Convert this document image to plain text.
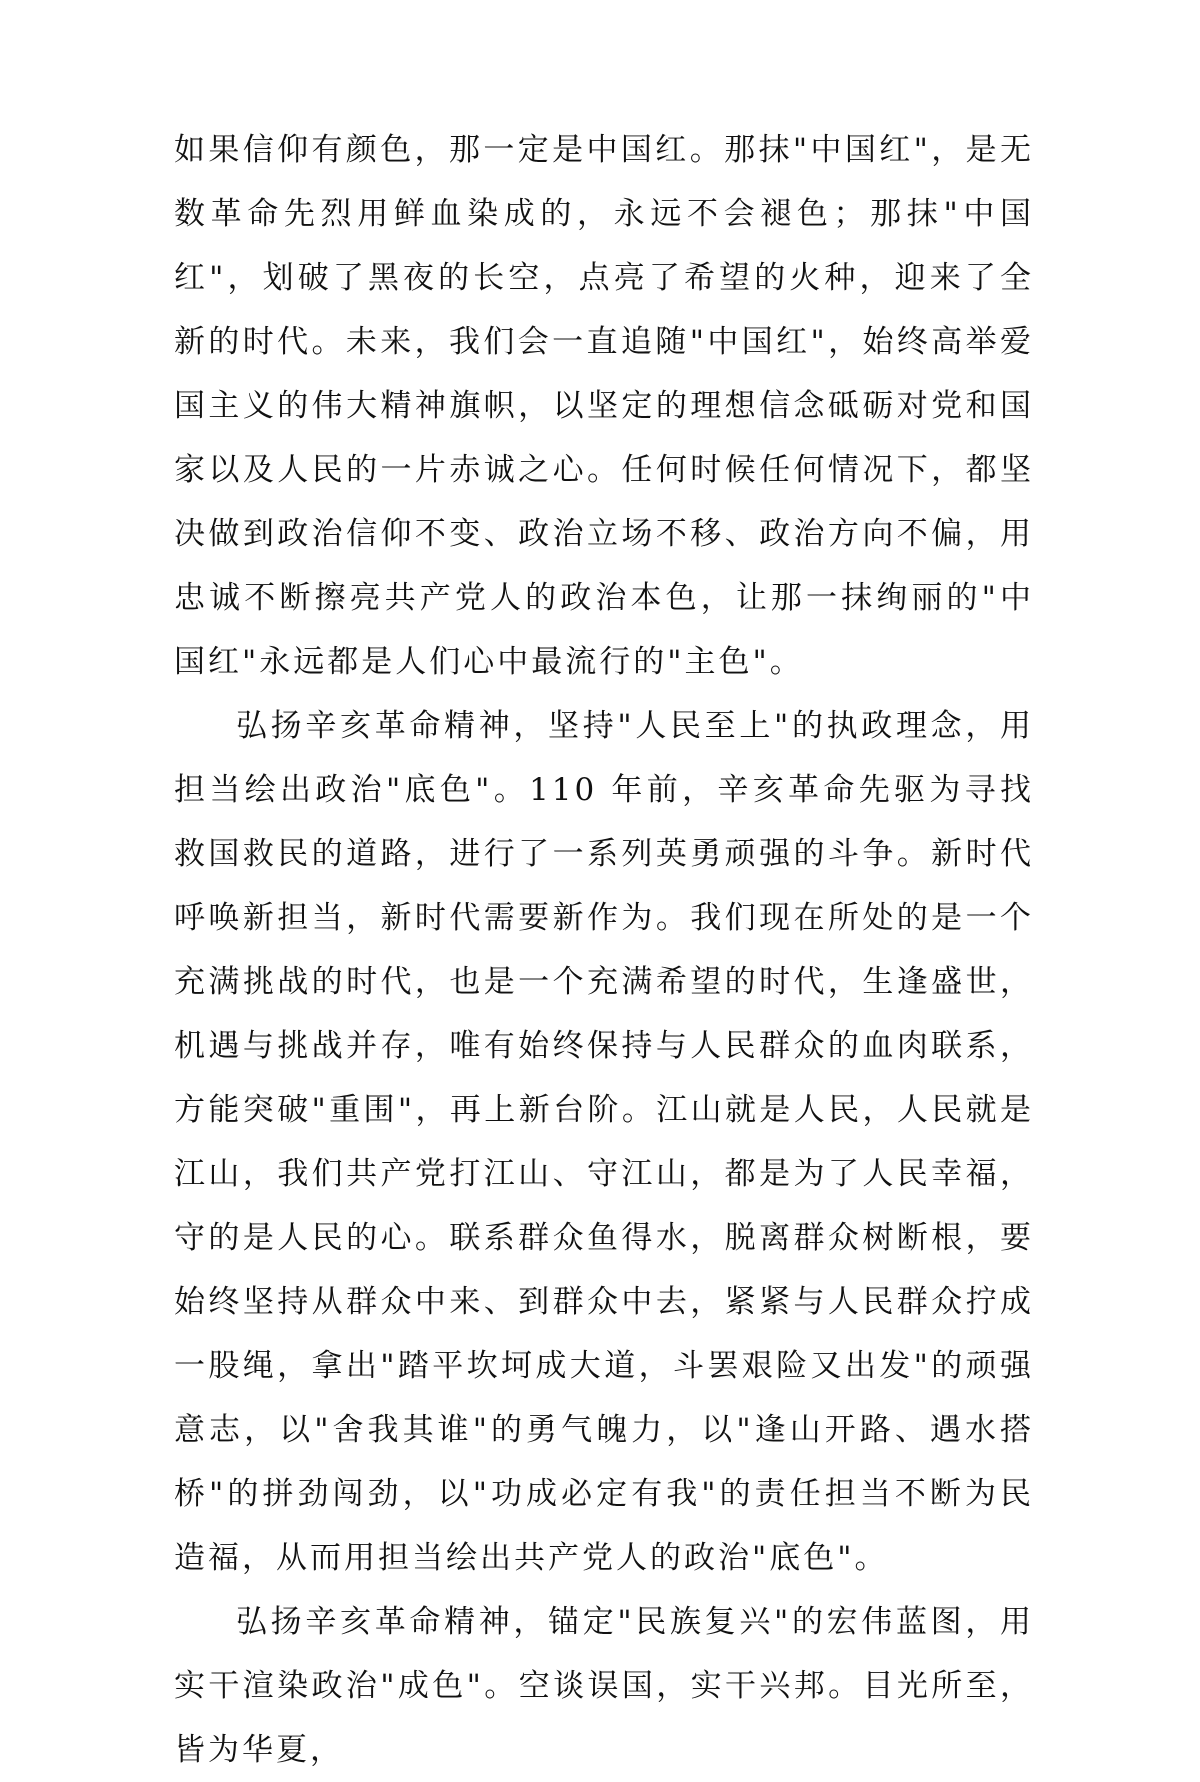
如果信仰有颜色，那一定是中国红。那抹"中国红"，是无数革命先烈用鲜血染成的，永远不会褪色；那抹"中国红"，划破了黑夜的长空，点亮了希望的火种，迎来了全新的时代。未来，我们会一直追随"中国红"，始终高举爱国主义的伟大精神旗帜，以坚定的理想信念砥砺对党和国家以及人民的一片赤诚之心。任何时候任何情况下，都坚决做到政治信仰不变、政治立场不移、政治方向不偏，用忠诚不断擦亮共产党人的政治本色，让那一抹绚丽的"中国红"永远都是人们心中最流行的"主色"。

弘扬辛亥革命精神，坚持"人民至上"的执政理念，用担当绘出政治"底色"。110 年前，辛亥革命先驱为寻找救国救民的道路，进行了一系列英勇顽强的斗争。新时代呼唤新担当，新时代需要新作为。我们现在所处的是一个充满挑战的时代，也是一个充满希望的时代，生逢盛世，机遇与挑战并存，唯有始终保持与人民群众的血肉联系，方能突破"重围"，再上新台阶。江山就是人民，人民就是江山，我们共产党打江山、守江山，都是为了人民幸福，守的是人民的心。联系群众鱼得水，脱离群众树断根，要始终坚持从群众中来、到群众中去，紧紧与人民群众拧成一股绳，拿出"踏平坎坷成大道，斗罢艰险又出发"的顽强意志，以"舍我其谁"的勇气魄力，以"逢山开路、遇水搭桥"的拼劲闯劲，以"功成必定有我"的责任担当不断为民造福，从而用担当绘出共产党人的政治"底色"。

弘扬辛亥革命精神，锚定"民族复兴"的宏伟蓝图，用实干渲染政治"成色"。空谈误国，实干兴邦。目光所至，皆为华夏，
